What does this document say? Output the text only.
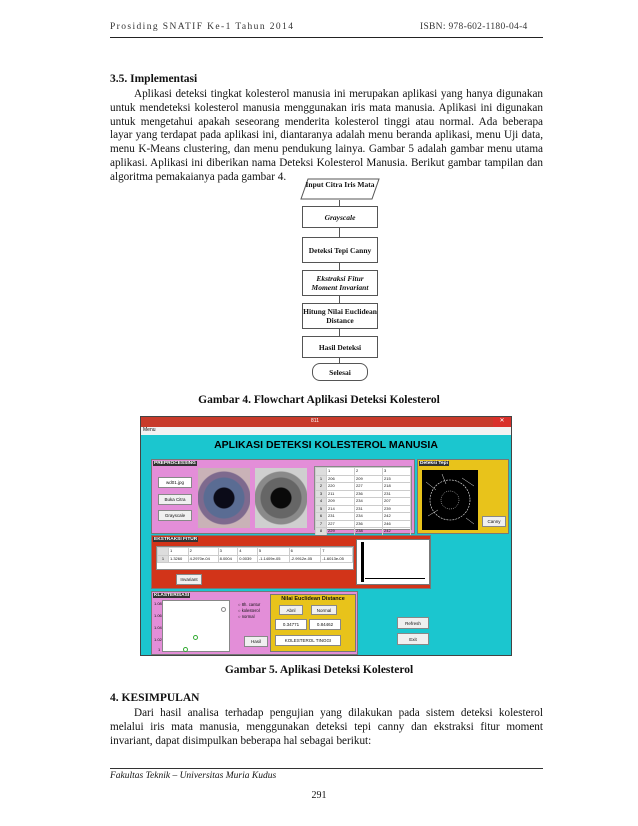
Prosiding SNATIF Ke-1 Tahun 2014	ISBN: 978-602-1180-04-4
3.5. Implementasi

Aplikasi deteksi tingkat kolesterol manusia ini merupakan aplikasi yang hanya digunakan untuk mendeteksi kolesterol manusia menggunakan iris mata manusia. Aplikasi ini digunakan untuk mengetahui apakah seseorang menderita kolesterol tinggi atau normal. Ada beberapa layar yang terdapat pada aplikasi ini, diantaranya adalah menu beranda aplikasi, menu Uji data, menu K-Means clustering, dan menu pendukung lainya. Gambar 5 adalah gambar menu utama aplikasi. Aplikasi ini diberikan nama Deteksi Kolesterol Manusia. Berikut gambar tampilan dan algoritma pemakaianya pada gambar 4.

Input Citra Iris Mata
Grayscale
Deteksi Tepi Canny
Ekstraksi Fitur Moment Invariant
Hitung Nilai Euclidean Distance
Hasil Deteksi
Selesai
Gambar 4. Flowchart Aplikasi Deteksi Kolesterol
811	✕
Menu
APLIKASI DETEKSI KOLESTEROL MANUSIA
PREPROCESSING
wd01.jpg
Buka Citra
Grayscale
	1	2	3
1	206	209	215
2	220	227	218
3	211	236	231
4	209	234	207
5	214	231	239
6	231	234	242
7	227	236	246
8	229	238	242
Deteksi Tepi
Canny
EKSTRAKSI FITUR
	1	2	3	4	5	6	7
1	1.3260	4.2970e-04	8.0004	0.0039	-1.1409e-05	-2.9912e-05	-1.6013e-05
Invariant
KLASTERISASI
1.08
1.06
1.04
1.02
1
○ 8h. cantur
○ kolesterol
○ normal
Hasil
Nilai Euclidean Distance
Abnl	Normal
0.34771	0.84462
KOLESTEROL TINGGI
Refresh
Exit
Gambar 5. Aplikasi Deteksi Kolesterol
4. KESIMPULAN

Dari hasil analisa terhadap pengujian yang dilakukan pada sistem deteksi kolesterol melalui iris mata manusia, menggunakan deteksi tepi canny dan ekstraksi fitur moment invariant, dapat disimpulkan beberapa hal sebagai berikut:

Fakultas Teknik – Universitas Muria Kudus
291
